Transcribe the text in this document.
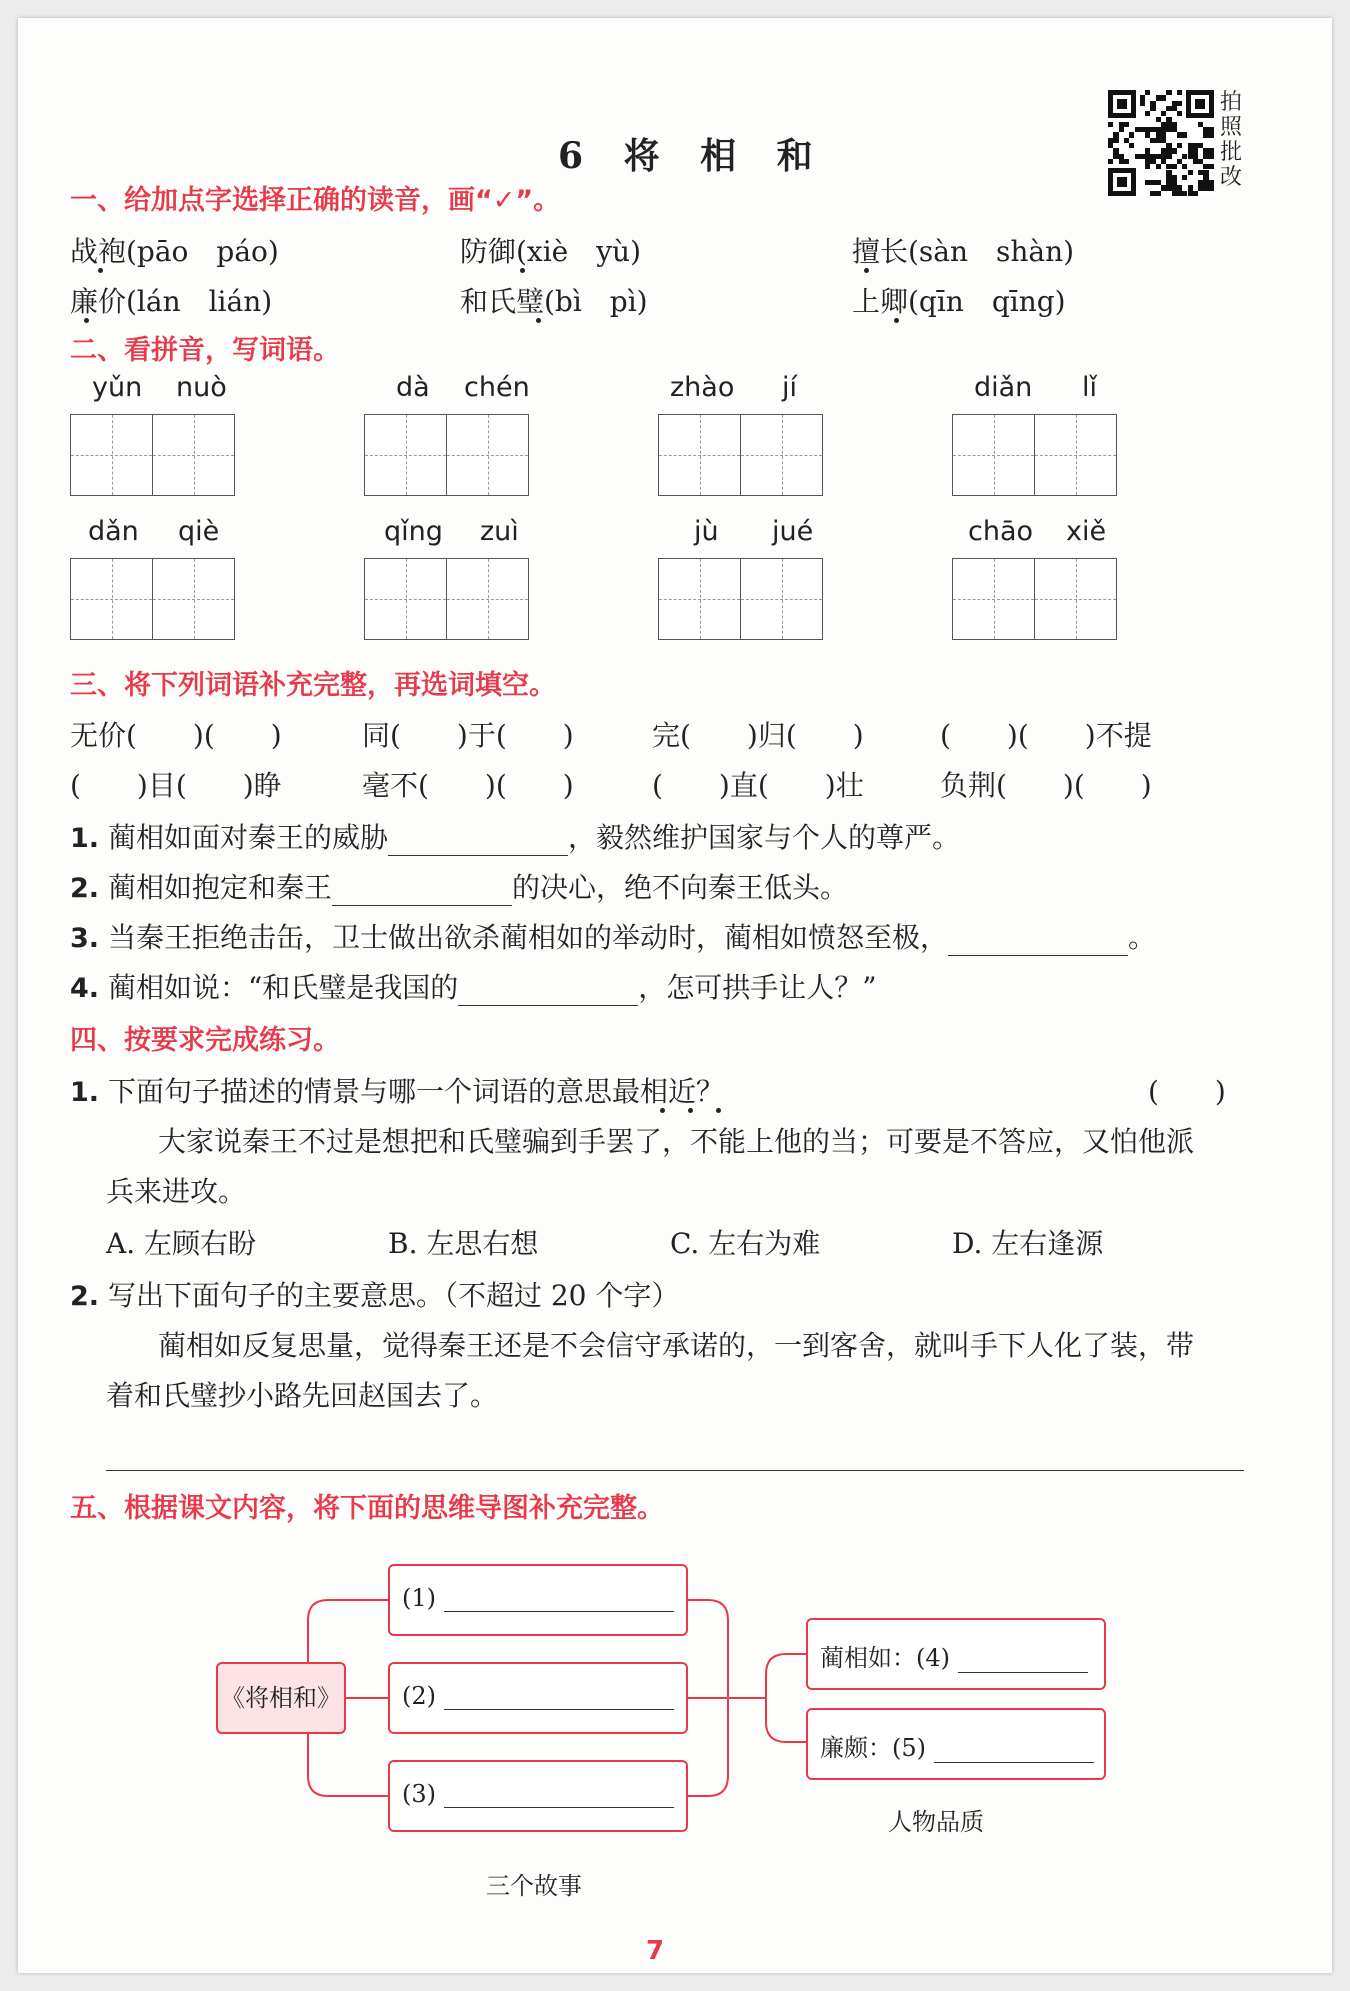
6 将 相 和
拍
照
批
改
一、给加点字选择正确的读音，画“✓”。
战袍(pāo　páo)	防御(xiè　yù)	擅长(sàn　shàn)
廉价(lán　lián)	和氏璧(bì　pì)	上卿(qīn　qīng)
二、看拼音，写词语。
yǔn nuò	dà chén	zhào jí	diǎn lǐ
dǎn qiè	qǐng zuì	jù jué	chāo xiě
三、将下列词语补充完整，再选词填空。
无价(　　)(　　)	同(　　)于(　　)	完(　　)归(　　)	(　　)(　　)不提
(　　)目(　　)睁	毫不(　　)(　　)	(　　)直(　　)壮	负荆(　　)(　　)
1. 蔺相如面对秦王的威胁	，毅然维护国家与个人的尊严。
2. 蔺相如抱定和秦王	的决心，绝不向秦王低头。
3. 当秦王拒绝击缶，卫士做出欲杀蔺相如的举动时，蔺相如愤怒至极，	。
4. 蔺相如说：“和氏璧是我国的	，怎可拱手让人？”
四、按要求完成练习。
1. 下面句子描述的情景与哪一个词语的意思最相近？	(　　)
大家说秦王不过是想把和氏璧骗到手罢了，不能上他的当；可要是不答应，又怕他派
兵来进攻。
A. 左顾右盼	B. 左思右想	C. 左右为难	D. 左右逢源
2. 写出下面句子的主要意思。（不超过 20 个字）
蔺相如反复思量，觉得秦王还是不会信守承诺的，一到客舍，就叫手下人化了装，带
着和氏璧抄小路先回赵国去了。
五、根据课文内容，将下面的思维导图补充完整。
《将相和》
(1)
(2)
(3)
三个故事
蔺相如：(4)
廉颇：(5)
人物品质
7
